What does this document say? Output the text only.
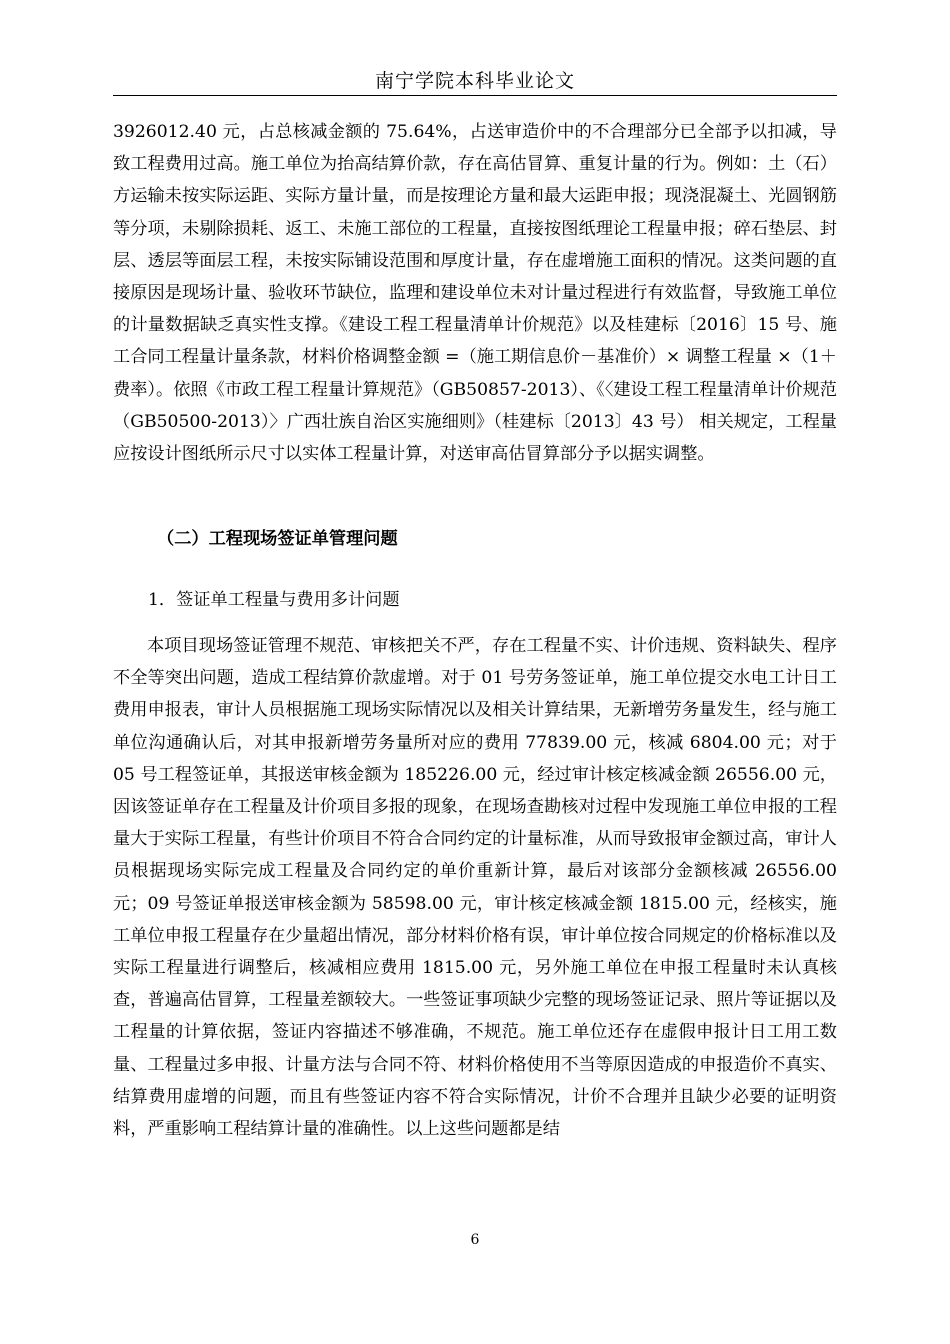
南宁学院本科毕业论文
3926012.40 元，占总核减金额的 75.64%，占送审造价中的不合理部分已全部予以扣减，导致工程费用过高。施工单位为抬高结算价款，存在高估冒算、重复计量的行为。例如：土（石）方运输未按实际运距、实际方量计量，而是按理论方量和最大运距申报；现浇混凝土、光圆钢筋等分项，未剔除损耗、返工、未施工部位的工程量，直接按图纸理论工程量申报；碎石垫层、封层、透层等面层工程，未按实际铺设范围和厚度计量，存在虚增施工面积的情况。这类问题的直接原因是现场计量、验收环节缺位，监理和建设单位未对计量过程进行有效监督，导致施工单位的计量数据缺乏真实性支撑。《建设工程工程量清单计价规范》以及桂建标〔2016〕15 号、施工合同工程量计量条款，材料价格调整金额 =（施工期信息价－基准价）× 调整工程量 ×（1＋费率）。依照《市政工程工程量计算规范》（GB50857-2013）、《〈建设工程工程量清单计价规范（GB50500-2013）〉广西壮族自治区实施细则》（桂建标〔2013〕43 号） 相关规定，工程量应按设计图纸所示尺寸以实体工程量计算，对送审高估冒算部分予以据实调整。
（二）工程现场签证单管理问题
1．签证单工程量与费用多计问题
本项目现场签证管理不规范、审核把关不严，存在工程量不实、计价违规、资料缺失、程序不全等突出问题，造成工程结算价款虚增。对于 01 号劳务签证单，施工单位提交水电工计日工费用申报表，审计人员根据施工现场实际情况以及相关计算结果，无新增劳务量发生，经与施工单位沟通确认后，对其申报新增劳务量所对应的费用 77839.00 元，核减 6804.00 元；对于 05 号工程签证单，其报送审核金额为 185226.00 元，经过审计核定核减金额 26556.00 元，因该签证单存在工程量及计价项目多报的现象，在现场查勘核对过程中发现施工单位申报的工程量大于实际工程量，有些计价项目不符合合同约定的计量标准，从而导致报审金额过高，审计人员根据现场实际完成工程量及合同约定的单价重新计算，最后对该部分金额核减 26556.00 元；09 号签证单报送审核金额为 58598.00 元，审计核定核减金额 1815.00 元，经核实，施工单位申报工程量存在少量超出情况，部分材料价格有误，审计单位按合同规定的价格标准以及实际工程量进行调整后，核减相应费用 1815.00 元，另外施工单位在申报工程量时未认真核查，普遍高估冒算，工程量差额较大。一些签证事项缺少完整的现场签证记录、照片等证据以及工程量的计算依据，签证内容描述不够准确，不规范。施工单位还存在虚假申报计日工用工数量、工程量过多申报、计量方法与合同不符、材料价格使用不当等原因造成的申报造价不真实、结算费用虚增的问题，而且有些签证内容不符合实际情况，计价不合理并且缺少必要的证明资料，严重影响工程结算计量的准确性。以上这些问题都是结
6
